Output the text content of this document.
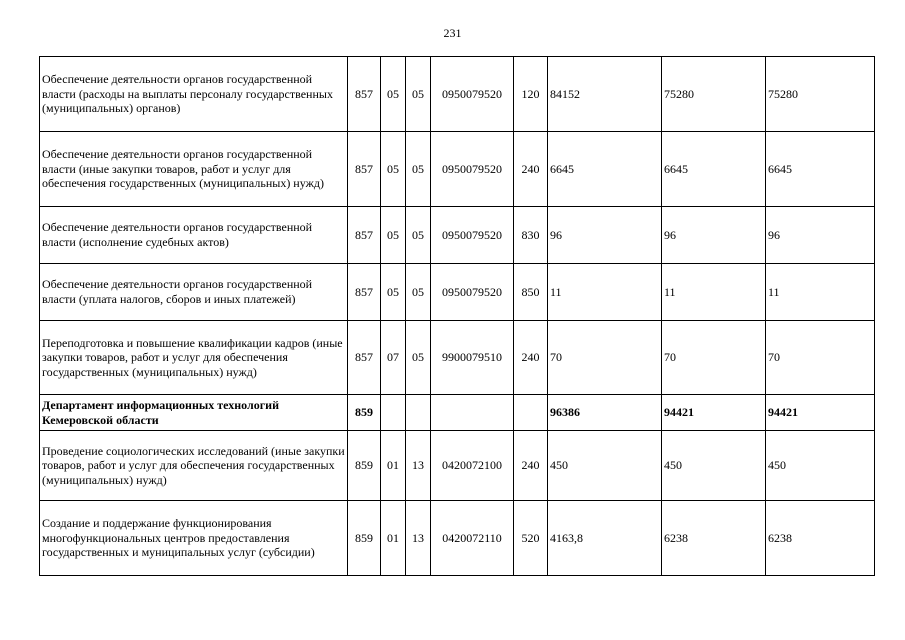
231
Обеспечение деятельности органов государственной власти (расходы на выплаты персоналу государственных (муниципальных) органов)	857	05	05	0950079520	120	84152	75280	75280
Обеспечение деятельности органов государственной власти (иные закупки товаров, работ и услуг для обеспечения государственных (муниципальных) нужд)	857	05	05	0950079520	240	6645	6645	6645
Обеспечение деятельности органов государственной власти (исполнение судебных актов)	857	05	05	0950079520	830	96	96	96
Обеспечение деятельности органов государственной власти (уплата налогов, сборов и иных платежей)	857	05	05	0950079520	850	11	11	11
Переподготовка и повышение квалификации кадров (иные закупки товаров, работ и услуг для обеспечения государственных (муниципальных) нужд)	857	07	05	9900079510	240	70	70	70
Департамент информационных технологий Кемеровской области	859					96386	94421	94421
Проведение социологических исследований (иные закупки товаров, работ и услуг для обеспечения государственных (муниципальных) нужд)	859	01	13	0420072100	240	450	450	450
Создание и поддержание функционирования многофункциональных центров предоставления государственных и муниципальных услуг (субсидии)	859	01	13	0420072110	520	4163,8	6238	6238
